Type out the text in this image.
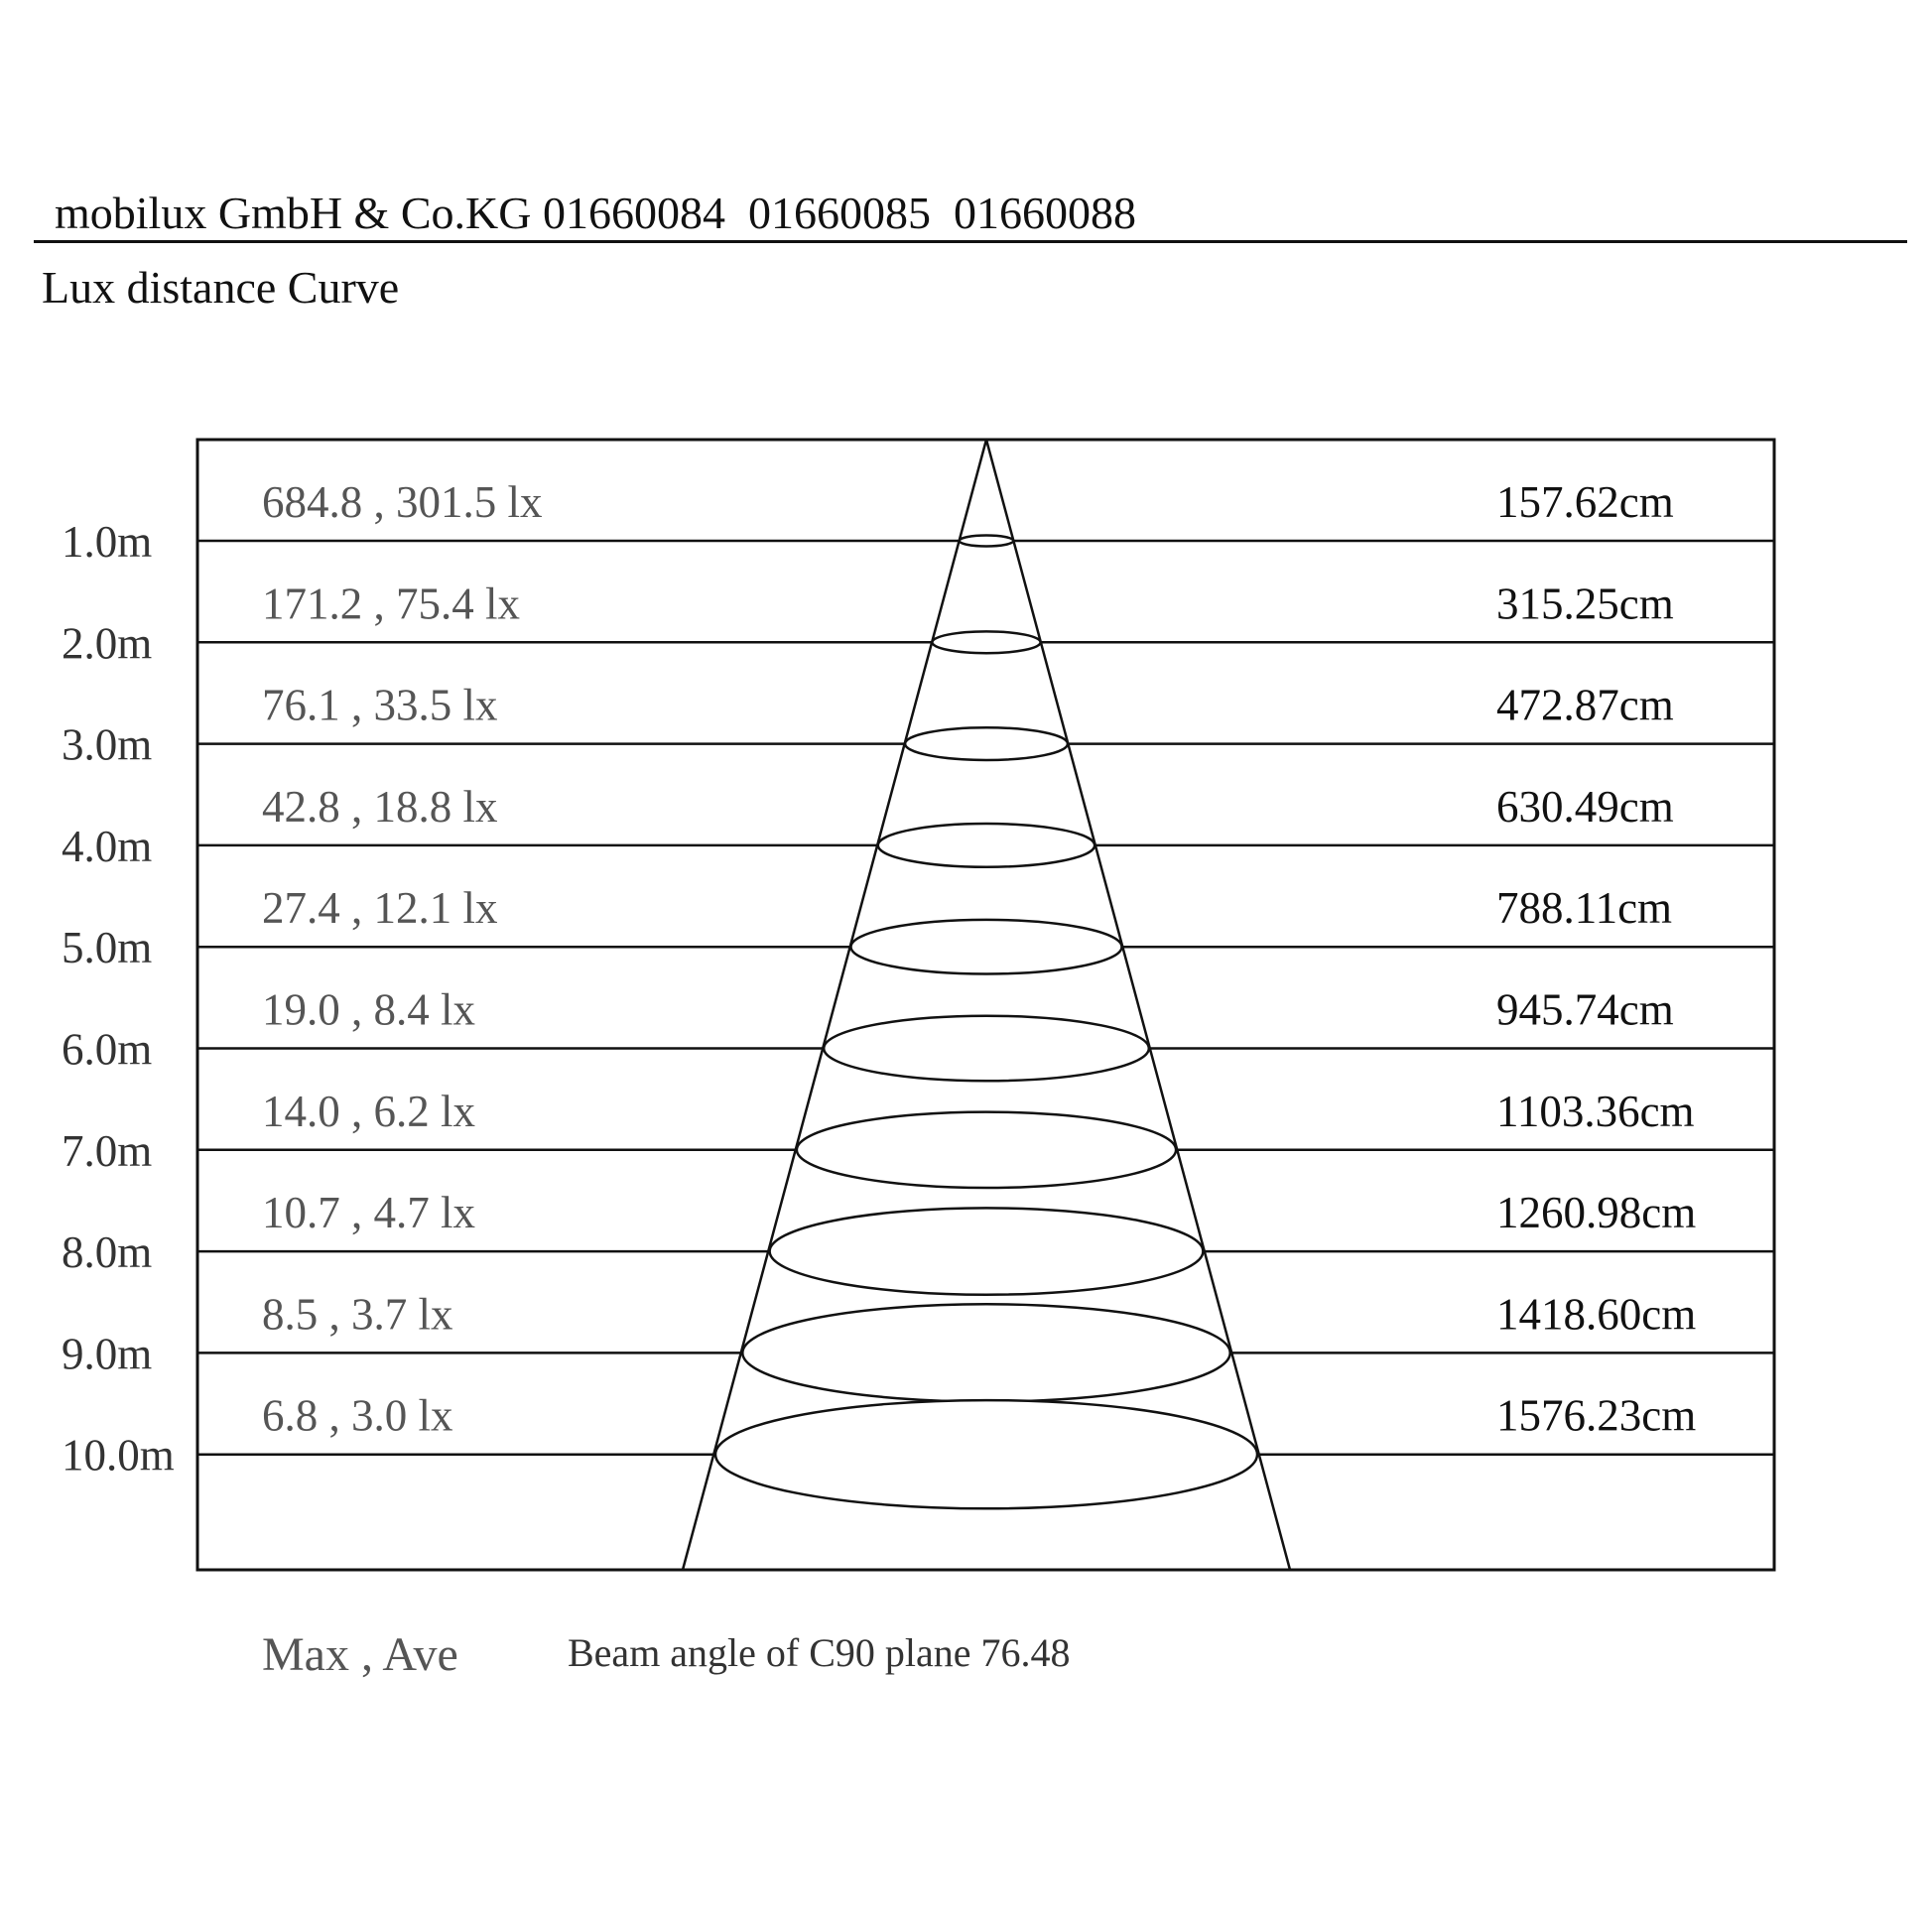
mobilux GmbH & Co.KG 01660084  01660085  01660088
Lux distance Curve
1.0m
684.8 , 301.5 lx	157.62cm
2.0m
171.2 , 75.4 lx	315.25cm
3.0m
76.1 , 33.5 lx	472.87cm
4.0m
42.8 , 18.8 lx	630.49cm
5.0m
27.4 , 12.1 lx	788.11cm
6.0m
19.0 , 8.4 lx	945.74cm
7.0m
14.0 , 6.2 lx	1103.36cm
8.0m
10.7 , 4.7 lx	1260.98cm
9.0m
8.5 , 3.7 lx	1418.60cm
10.0m
6.8 , 3.0 lx	1576.23cm
Max , Ave	Beam angle of C90 plane 76.48
